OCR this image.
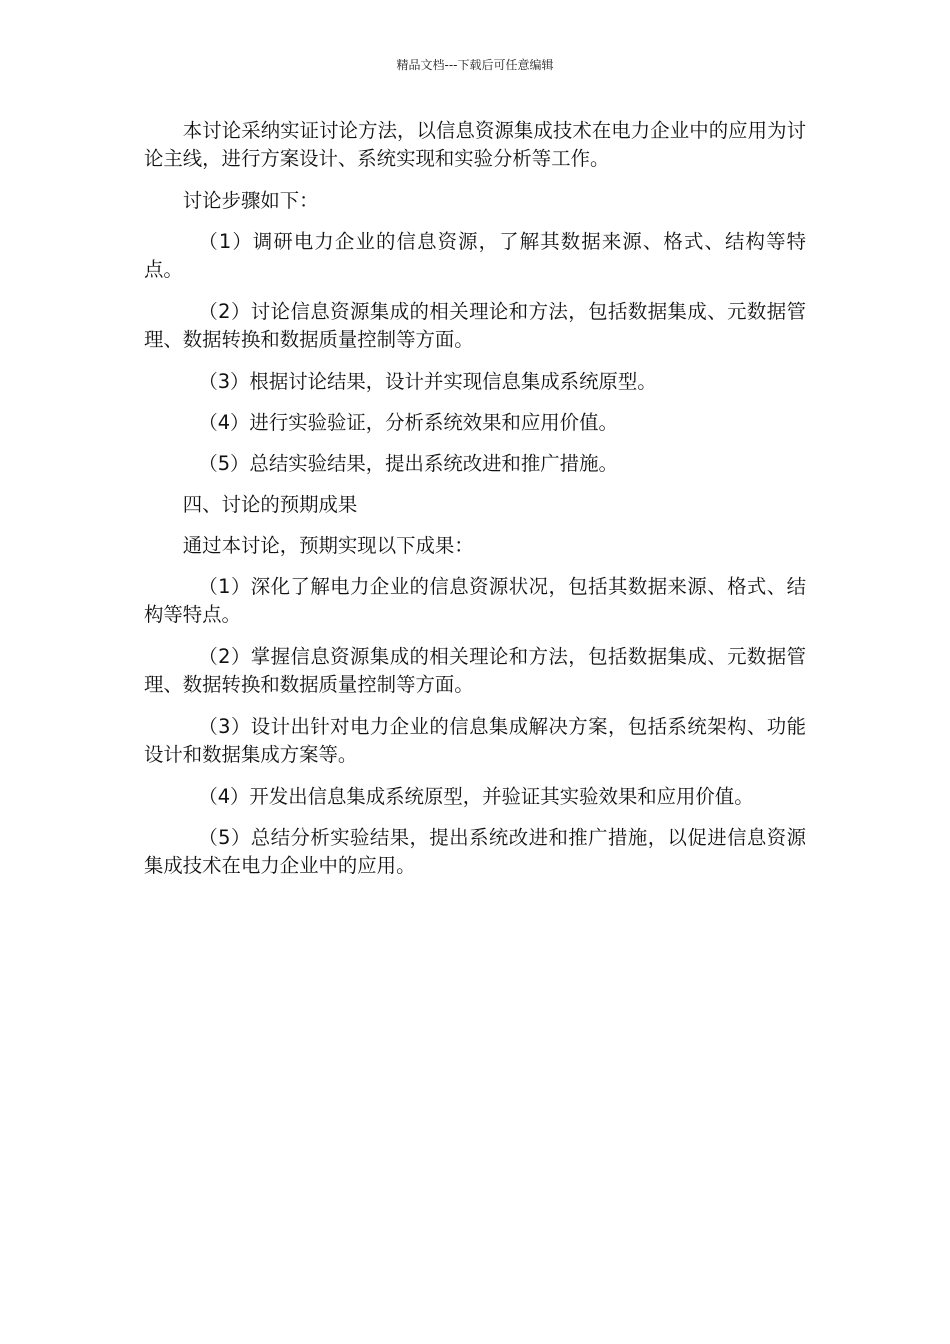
精品文档---下载后可任意编辑

本讨论采纳实证讨论方法，以信息资源集成技术在电力企业中的应用为讨论主线，进行方案设计、系统实现和实验分析等工作。

讨论步骤如下：

（1）调研电力企业的信息资源，了解其数据来源、格式、结构等特点。

（2）讨论信息资源集成的相关理论和方法，包括数据集成、元数据管理、数据转换和数据质量控制等方面。

（3）根据讨论结果，设计并实现信息集成系统原型。

（4）进行实验验证，分析系统效果和应用价值。

（5）总结实验结果，提出系统改进和推广措施。

四、讨论的预期成果

通过本讨论，预期实现以下成果：

（1）深化了解电力企业的信息资源状况，包括其数据来源、格式、结构等特点。

（2）掌握信息资源集成的相关理论和方法，包括数据集成、元数据管理、数据转换和数据质量控制等方面。

（3）设计出针对电力企业的信息集成解决方案，包括系统架构、功能设计和数据集成方案等。

（4）开发出信息集成系统原型，并验证其实验效果和应用价值。

（5）总结分析实验结果，提出系统改进和推广措施，以促进信息资源集成技术在电力企业中的应用。
